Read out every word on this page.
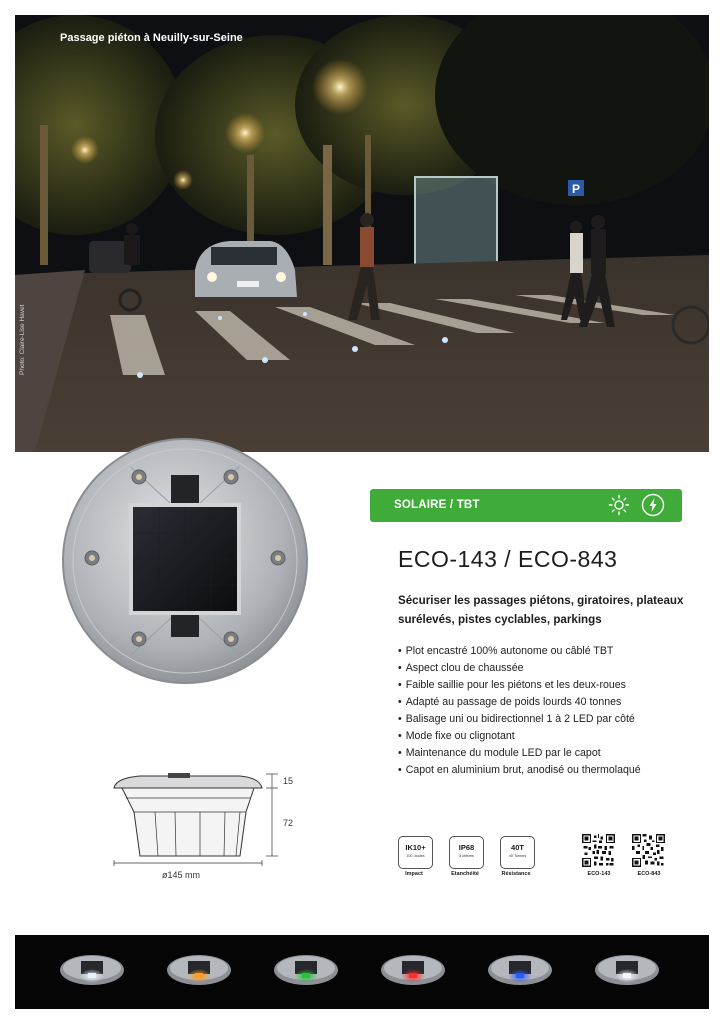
P
Passage piéton à Neuilly-sur-Seine
Photo: Claire-Lise Havet
15
72
ø145 mm
SOLAIRE / TBT
ECO-143 / ECO-843
Sécuriser les passages piétons, giratoires, plateaux surélevés, pistes cyclables, parkings
• Plot encastré 100% autonome ou câblé TBT
• Aspect clou de chaussée
• Faible saillie pour les piétons et les deux-roues
• Adapté au passage de poids lourds 40 tonnes
• Balisage uni ou bidirectionnel 1 à 2 LED par côté
• Mode fixe ou clignotant
• Maintenance du module LED par le capot
• Capot en aluminium brut, anodisé ou thermolaqué
IK10+
100 Joules
Impact
IP68
5 Mètres
Etanchéité
40T
40 Tonnes
Résistance	ECO-143	ECO-843
